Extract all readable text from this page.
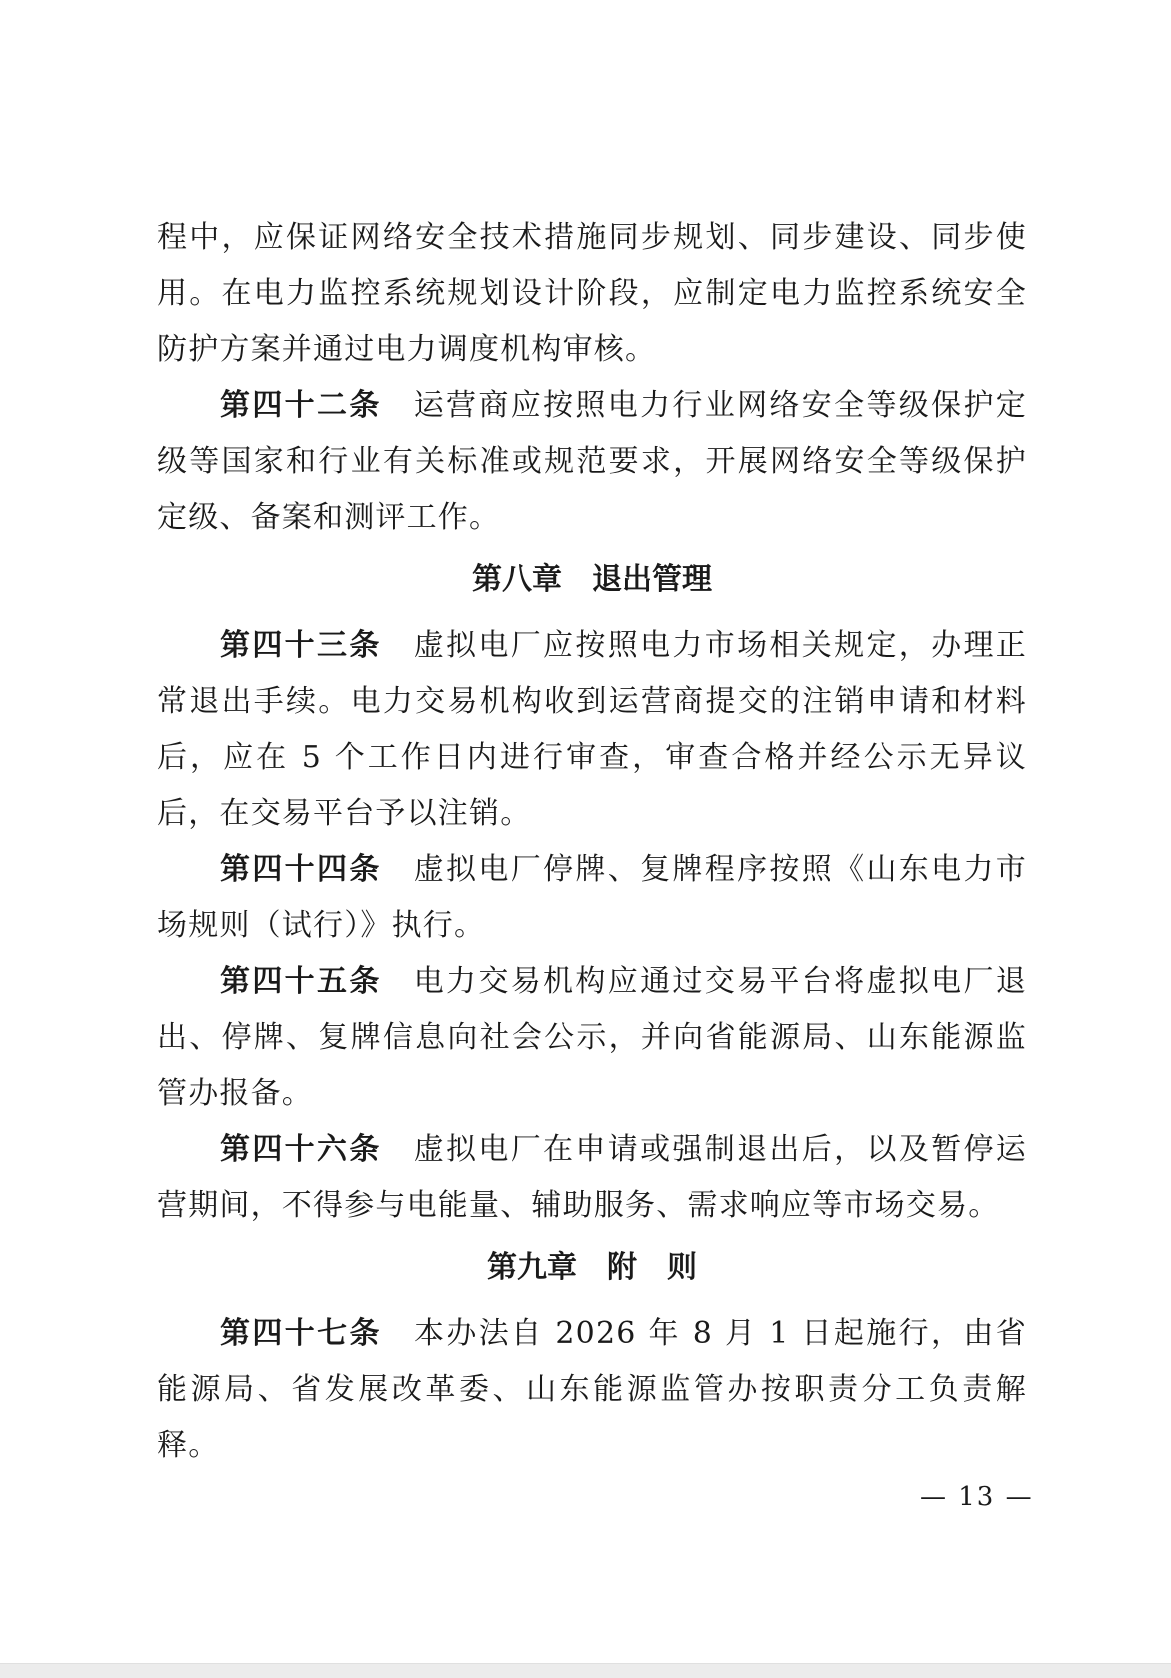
程中，应保证网络安全技术措施同步规划、同步建设、同步使用。在电力监控系统规划设计阶段，应制定电力监控系统安全防护方案并通过电力调度机构审核。

第四十二条 运营商应按照电力行业网络安全等级保护定级等国家和行业有关标准或规范要求，开展网络安全等级保护定级、备案和测评工作。

第八章　退出管理

第四十三条 虚拟电厂应按照电力市场相关规定，办理正常退出手续。电力交易机构收到运营商提交的注销申请和材料后，应在 5 个工作日内进行审查，审查合格并经公示无异议后，在交易平台予以注销。

第四十四条 虚拟电厂停牌、复牌程序按照《山东电力市场规则（试行）》执行。

第四十五条 电力交易机构应通过交易平台将虚拟电厂退出、停牌、复牌信息向社会公示，并向省能源局、山东能源监管办报备。

第四十六条 虚拟电厂在申请或强制退出后，以及暂停运营期间，不得参与电能量、辅助服务、需求响应等市场交易。

第九章　附　则

第四十七条 本办法自 2026 年 8 月 1 日起施行，由省能源局、省发展改革委、山东能源监管办按职责分工负责解释。

— 13 —
